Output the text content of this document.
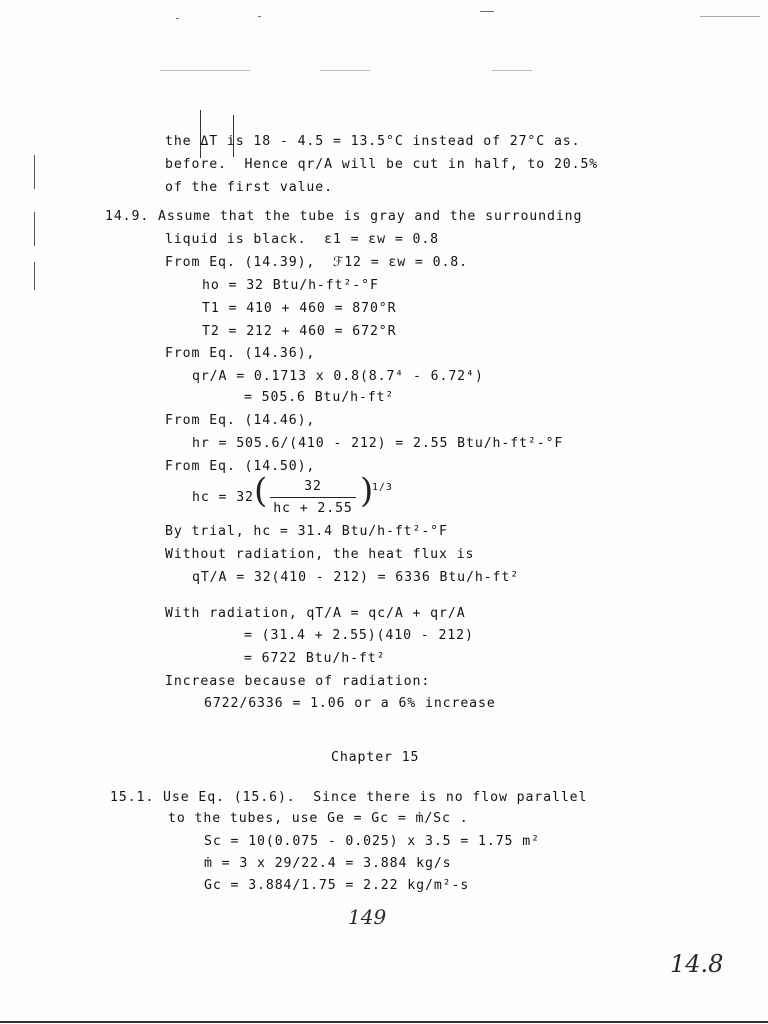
the ΔT is 18 - 4.5 = 13.5°C instead of 27°C as.
before.  Hence qr/A will be cut in half, to 20.5%
of the first value.
14.9. Assume that the tube is gray and the surrounding
liquid is black.  ε1 = εw = 0.8
From Eq. (14.39),  ℱ12 = εw = 0.8.
ho = 32 Btu/h-ft²-°F
T1 = 410 + 460 = 870°R
T2 = 212 + 460 = 672°R
From Eq. (14.36),
qr/A = 0.1713 x 0.8(8.7⁴ - 6.72⁴)
= 505.6 Btu/h-ft²
From Eq. (14.46),
hr = 505.6/(410 - 212) = 2.55 Btu/h-ft²-°F
From Eq. (14.50),
hc = 32 (	32
hc + 2.55 )
1/3
By trial, hc = 31.4 Btu/h-ft²-°F
Without radiation, the heat flux is
qT/A = 32(410 - 212) = 6336 Btu/h-ft²
With radiation, qT/A = qc/A + qr/A
= (31.4 + 2.55)(410 - 212)
= 6722 Btu/h-ft²
Increase because of radiation:
6722/6336 = 1.06 or a 6% increase
Chapter 15
15.1. Use Eq. (15.6).  Since there is no flow parallel
to the tubes, use Ge = Gc = ṁ/Sc .
Sc = 10(0.075 - 0.025) x 3.5 = 1.75 m²
ṁ = 3 x 29/22.4 = 3.884 kg/s
Gc = 3.884/1.75 = 2.22 kg/m²-s
149
14.8
